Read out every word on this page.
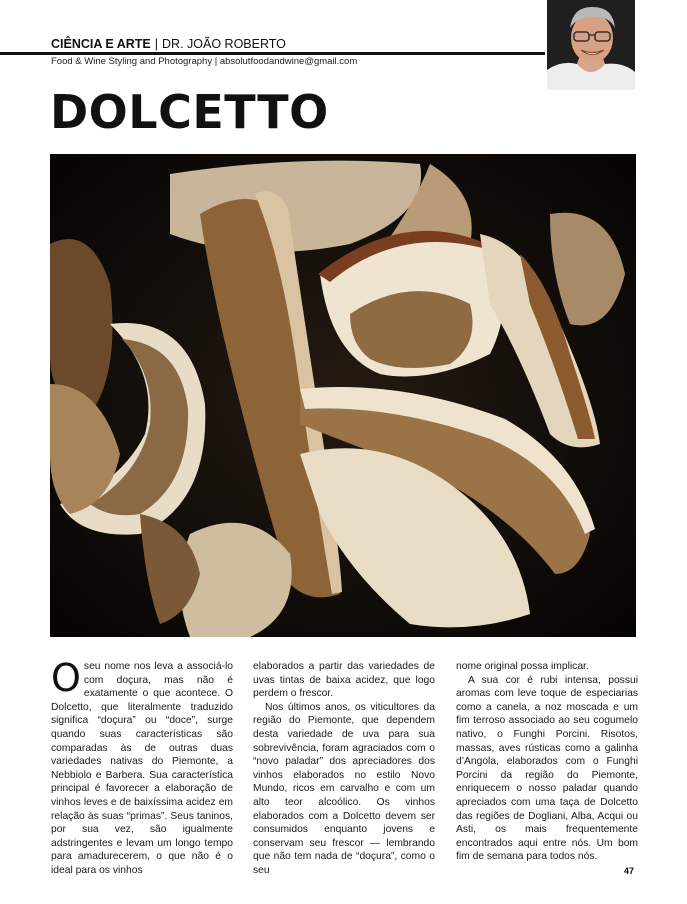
CIÊNCIA E ARTE | DR. JOÃO ROBERTO
Food & Wine Styling and Photography | absolutfoodandwine@gmail.com
DOLCETTO

Oseu nome nos leva a associá-lo com doçura, mas não é exatamente o que acontece. O Dolcetto, que literalmente traduzido significa “doçura” ou “doce”, surge quando suas características são comparadas às de outras duas variedades nativas do Piemonte, a Nebbiolo e Barbera. Sua característica principal é favorecer a elaboração de vinhos leves e de baixíssima acidez em relação às suas “primas”. Seus taninos, por sua vez, são igualmente adstringentes e levam um longo tempo para amadurecerem, o que não é o ideal para os vinhos

elaborados a partir das variedades de uvas tintas de baixa acidez, que logo perdem o frescor.

Nos últimos anos, os viticultores da região do Piemonte, que dependem desta variedade de uva para sua sobrevivência, foram agraciados com o “novo paladar” dos apreciadores dos vinhos elaborados no estilo Novo Mundo, ricos em carvalho e com um alto teor alcoólico. Os vinhos elaborados com a Dolcetto devem ser consumidos enquanto jovens e conservam seu frescor — lembrando que não tem nada de “doçura”, como o seu

nome original possa implicar.

A sua cor é rubi intensa, possui aromas com leve toque de especiarias como a canela, a noz moscada e um fim terroso associado ao seu cogumelo nativo, o Funghi Porcini. Risotos, massas, aves rústicas como a galinha d’Angola, elaborados com o Funghi Porcini da região do Piemonte, enriquecem o nosso paladar quando apreciados com uma taça de Dolcetto das regiões de Dogliani, Alba, Acqui ou Asti, os mais frequentemente encontrados aqui entre nós. Um bom fim de semana para todos nós.

47
